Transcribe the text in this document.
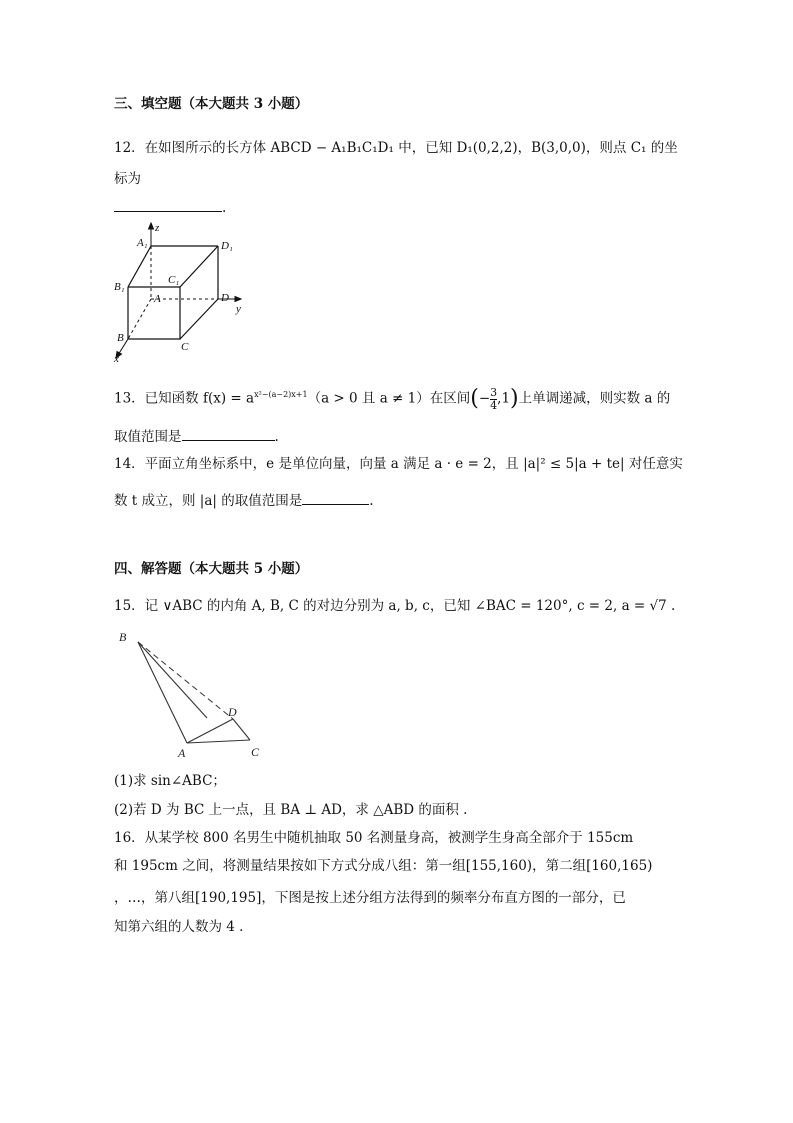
三、填空题（本大题共 3 小题）
12．在如图所示的长方体 ABCD − A₁B₁C₁D₁ 中，已知 D₁(0,2,2)，B(3,0,0)，则点 C₁ 的坐
标为
.
A₁	D₁
B₁
C₁
A	D
B
C
z
y
x
13．已知函数 $f(x) = a^{x^2-(a-2)x+1}(a > 0$ 且 a ≠ 1）在区间(− $\frac{3}{4} ,1$)上单调递减，则实数 a 的
取值范围是	.
14．平面立角坐标系中，e 是单位向量，向量 a 满足 a · e = 2，且 |a|² ≤ 5|a + te| 对任意实
数 t 成立，则 |a| 的取值范围是	.
四、解答题（本大题共 5 小题）
15．记 ∨ABC 的内角 A, B, C 的对边分别为 a, b, c，已知 ∠BAC = 120°, c = 2, a = √7 .
B
D
A	C
(1)求 sin∠ABC；
(2)若 D 为 BC 上一点，且 BA ⊥ AD，求 △ABD 的面积 .
16．从某学校 800 名男生中随机抽取 50 名测量身高，被测学生身高全部介于 155cm
和 195cm 之间，将测量结果按如下方式分成八组：第一组[155,160)，第二组[160,165)
，…，第八组[190,195]，下图是按上述分组方法得到的频率分布直方图的一部分，已
知第六组的人数为 4 .
